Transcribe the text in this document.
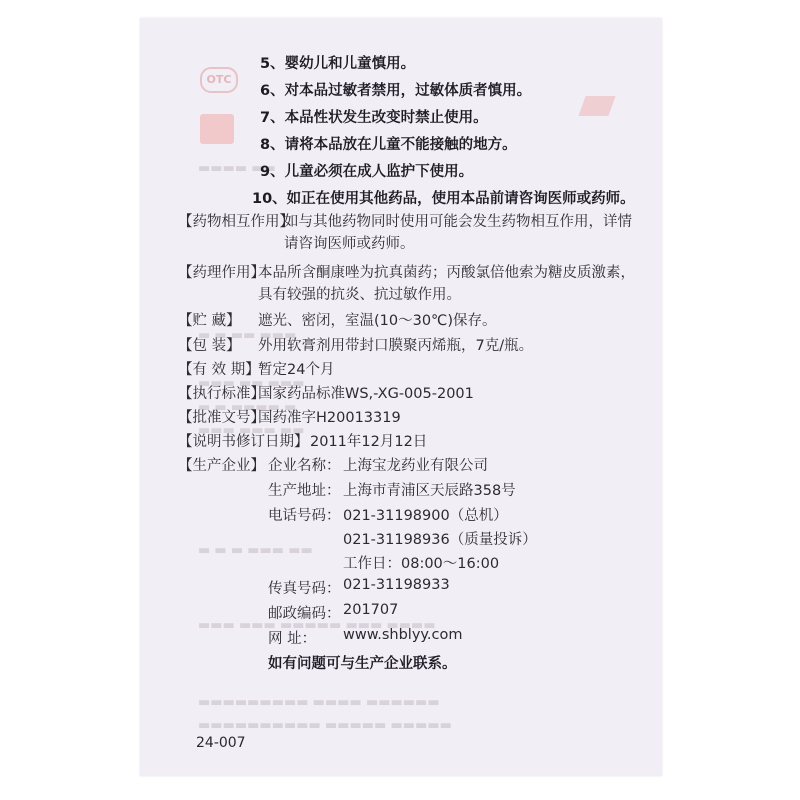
OTC
▬▬▬▬ ▬▬
▬ ▬ ▬▬ ▬▬▬
▬▬▬ ▬▬ ▬▬▬
▬ ▬ ▬▬▬▬ ▬
▬▬▬ ▬▬▬ ▬▬
▬ ▬ ▬ ▬▬▬ ▬▬
▬▬▬ ▬▬▬ ▬▬▬▬▬ ▬▬▬ ▬▬▬▬
▬▬▬▬▬▬▬▬▬ ▬▬▬▬ ▬▬▬▬▬▬
▬▬▬▬▬▬▬▬▬▬ ▬▬▬▬▬ ▬▬▬▬▬
5、婴幼儿和儿童慎用。
6、对本品过敏者禁用，过敏体质者慎用。
7、本品性状发生改变时禁止使用。
8、请将本品放在儿童不能接触的地方。
9、儿童必须在成人监护下使用。
10、如正在使用其他药品，使用本品前请咨询医师或药师。
【药物相互作用】
如与其他药物同时使用可能会发生药物相互作用，详情
请咨询医师或药师。
【药理作用】
本品所含酮康唑为抗真菌药；丙酸氯倍他索为糖皮质激素，
具有较强的抗炎、抗过敏作用。
【贮 藏】 遮光、密闭，室温(10～30℃)保存。
【包 装】 外用软膏剂用带封口膜聚丙烯瓶，7克/瓶。
【有 效 期】
暂定24个月
【执行标准】
国家药品标准WS,-XG-005-2001
【批准文号】
国药准字H20013319
【说明书修订日期】 2011年12月12日
【生产企业】 企业名称： 上海宝龙药业有限公司
生产地址： 上海市青浦区天辰路358号
电话号码： 021-31198900（总机）
021-31198936（质量投诉）
工作日：08:00～16:00
传真号码： 021-31198933
邮政编码： 201707
网 址： www.shblyy.com
如有问题可与生产企业联系。
24-007
